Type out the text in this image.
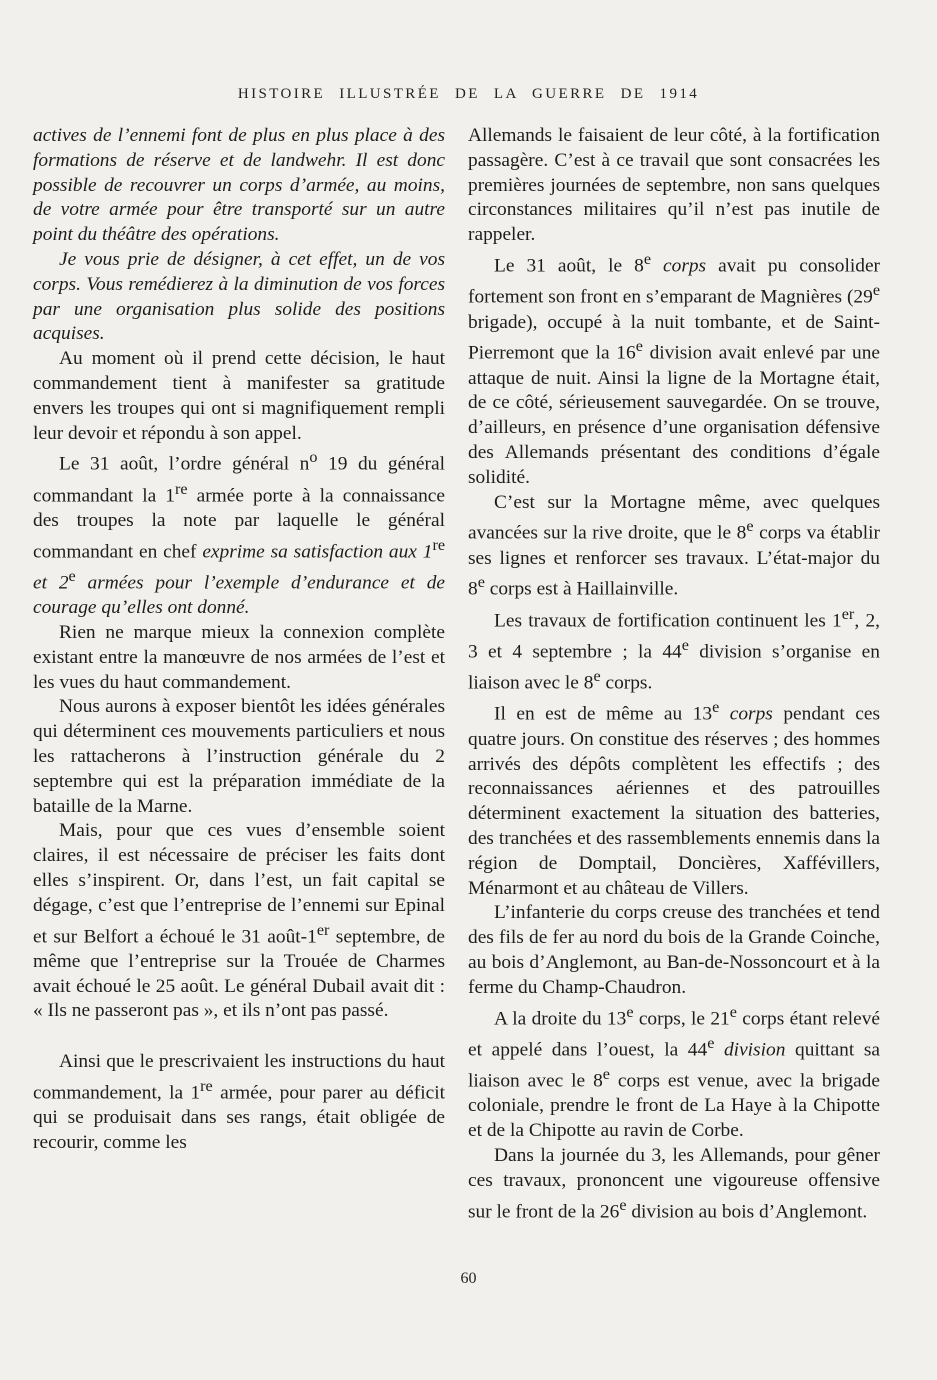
HISTOIRE ILLUSTRÉE DE LA GUERRE DE 1914

actives de l’ennemi font de plus en plus place à des formations de réserve et de landwehr. Il est donc possible de recouvrer un corps d’armée, au moins, de votre armée pour être transporté sur un autre point du théâtre des opérations.

Je vous prie de désigner, à cet effet, un de vos corps. Vous remédierez à la diminution de vos forces par une organisation plus solide des positions acquises.

Au moment où il prend cette décision, le haut commandement tient à manifester sa gratitude envers les troupes qui ont si magnifiquement rempli leur devoir et répondu à son appel.

Le 31 août, l’ordre général $n^o$ 19 du général commandant la 1re armée porte à la connaissance des troupes la note par laquelle le général commandant en chef exprime sa satisfaction aux 1re et 2e armées pour l’exemple d’endurance et de courage qu’elles ont donné.

Rien ne marque mieux la connexion complète existant entre la manœuvre de nos armées de l’est et les vues du haut commandement.

Nous aurons à exposer bientôt les idées générales qui déterminent ces mouvements particuliers et nous les rattacherons à l’instruction générale du 2 septembre qui est la préparation immédiate de la bataille de la Marne.

Mais, pour que ces vues d’ensemble soient claires, il est nécessaire de préciser les faits dont elles s’inspirent. Or, dans l’est, un fait capital se dégage, c’est que l’entreprise de l’ennemi sur Epinal et sur Belfort a échoué le 31 août-1er septembre, de même que l’entreprise sur la Trouée de Charmes avait échoué le 25 août. Le général Dubail avait dit : « Ils ne passeront pas », et ils n’ont pas passé.

Ainsi que le prescrivaient les instructions du haut commandement, la 1re armée, pour parer au déficit qui se produisait dans ses rangs, était obligée de recourir, comme les

Allemands le faisaient de leur côté, à la fortification passagère. C’est à ce travail que sont consacrées les premières journées de septembre, non sans quelques circonstances militaires qu’il n’est pas inutile de rappeler.

Le 31 août, le 8e corps avait pu consolider fortement son front en s’emparant de Magnières (29e brigade), occupé à la nuit tombante, et de Saint-Pierremont que la 16e division avait enlevé par une attaque de nuit. Ainsi la ligne de la Mortagne était, de ce côté, sérieusement sauvegardée. On se trouve, d’ailleurs, en présence d’une organisation défensive des Allemands présentant des conditions d’égale solidité.

C’est sur la Mortagne même, avec quelques avancées sur la rive droite, que le 8e corps va établir ses lignes et renforcer ses travaux. L’état-major du 8e corps est à Haillainville.

Les travaux de fortification continuent les 1er, 2, 3 et 4 septembre ; la 44e division s’organise en liaison avec le 8e corps.

Il en est de même au 13e corps pendant ces quatre jours. On constitue des réserves ; des hommes arrivés des dépôts complètent les effectifs ; des reconnaissances aériennes et des patrouilles déterminent exactement la situation des batteries, des tranchées et des rassemblements ennemis dans la région de Domptail, Doncières, Xaffévillers, Ménarmont et au château de Villers.

L’infanterie du corps creuse des tranchées et tend des fils de fer au nord du bois de la Grande Coinche, au bois d’Anglemont, au Ban-de-Nossoncourt et à la ferme du Champ-Chaudron.

A la droite du 13e corps, le 21e corps étant relevé et appelé dans l’ouest, la 44e division quittant sa liaison avec le 8e corps est venue, avec la brigade coloniale, prendre le front de La Haye à la Chipotte et de la Chipotte au ravin de Corbe.

Dans la journée du 3, les Allemands, pour gêner ces travaux, prononcent une vigoureuse offensive sur le front de la 26e division au bois d’Anglemont.

60
